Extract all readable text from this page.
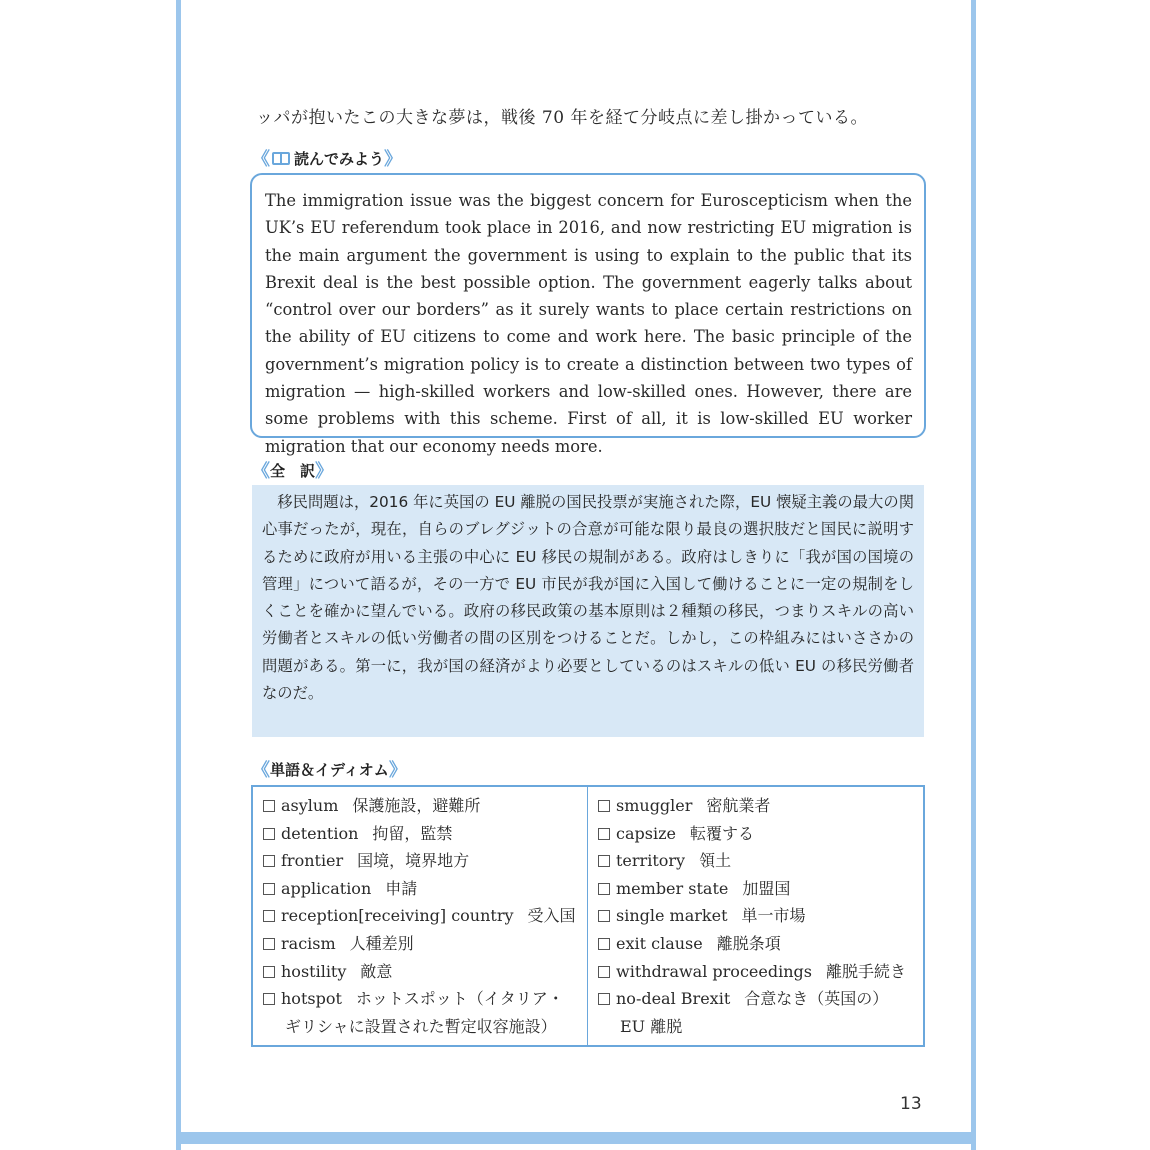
ッパが抱いたこの大きな夢は，戦後 70 年を経て分岐点に差し掛かっている。
《 読んでみよう 》

The immigration issue was the biggest concern for Euroscepticism when the UK’s EU referendum took place in 2016, and now restricting EU migration is the main argument the government is using to explain to the public that its Brexit deal is the best possible option. The government eagerly talks about “control over our borders” as it surely wants to place certain restrictions on the ability of EU citizens to come and work here. The basic principle of the government’s migration policy is to create a distinction between two types of migration — high-skilled workers and low-skilled ones. However, there are some problems with this scheme. First of all, it is low-skilled EU worker migration that our economy needs more.

《 全　訳 》

移民問題は，2016 年に英国の EU 離脱の国民投票が実施された際，EU 懐疑主義の最大の関心事だったが，現在，自らのブレグジットの合意が可能な限り最良の選択肢だと国民に説明するために政府が用いる主張の中心に EU 移民の規制がある。政府はしきりに「我が国の国境の管理」について語るが，その一方で EU 市民が我が国に入国して働けることに一定の規制をしくことを確かに望んでいる。政府の移民政策の基本原則は２種類の移民，つまりスキルの高い労働者とスキルの低い労働者の間の区別をつけることだ。しかし，この枠組みにはいささかの問題がある。第一に，我が国の経済がより必要としているのはスキルの低い EU の移民労働者なのだ。

《 単語＆イディオム 》
asylum 保護施設，避難所
detention 拘留，監禁
frontier 国境，境界地方
application 申請
reception[receiving] country 受入国
racism 人種差別
hostility 敵意
hotspot ホットスポット（イタリア・
ギリシャに設置された暫定収容施設）
smuggler 密航業者
capsize 転覆する
territory 領土
member state 加盟国
single market 単一市場
exit clause 離脱条項
withdrawal proceedings 離脱手続き
no-deal Brexit 合意なき（英国の）
EU 離脱
13
